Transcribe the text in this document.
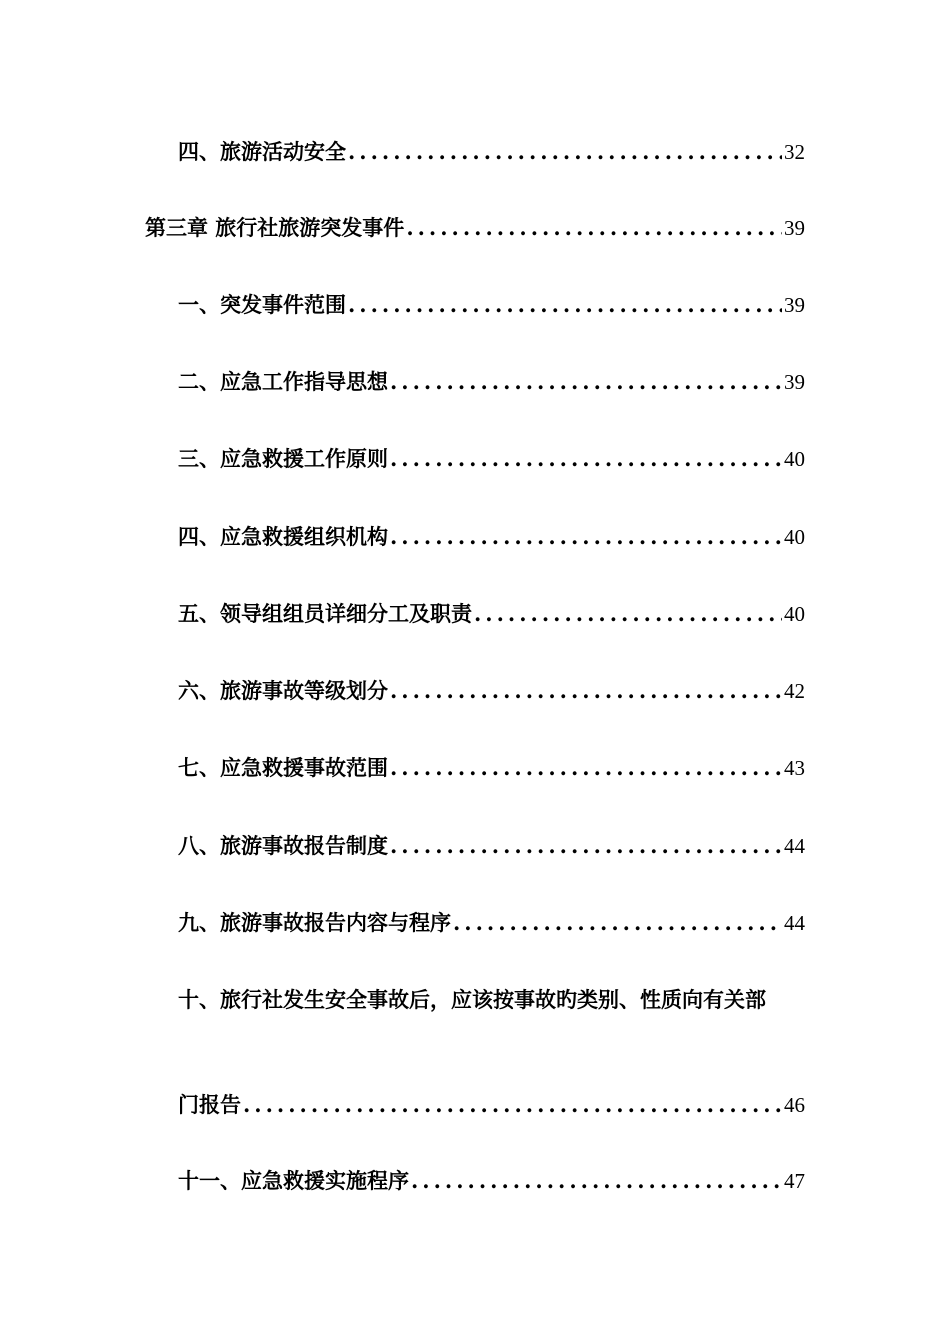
四、旅游活动安全 .....	32
第三章 旅行社旅游突发事件 .....	39
一、突发事件范围 .....	39
二、应急工作指导思想 .....	39
三、应急救援工作原则 .....	40
四、应急救援组织机构 .....	40
五、领导组组员详细分工及职责 .....	40
六、旅游事故等级划分 .....	42
七、应急救援事故范围 .....	43
八、旅游事故报告制度 .....	44
九、旅游事故报告内容与程序 .....	44
十、旅行社发生安全事故后，应该按事故旳类别、性质向有关部
门报告 .....	46
十一、应急救援实施程序 .....	47
